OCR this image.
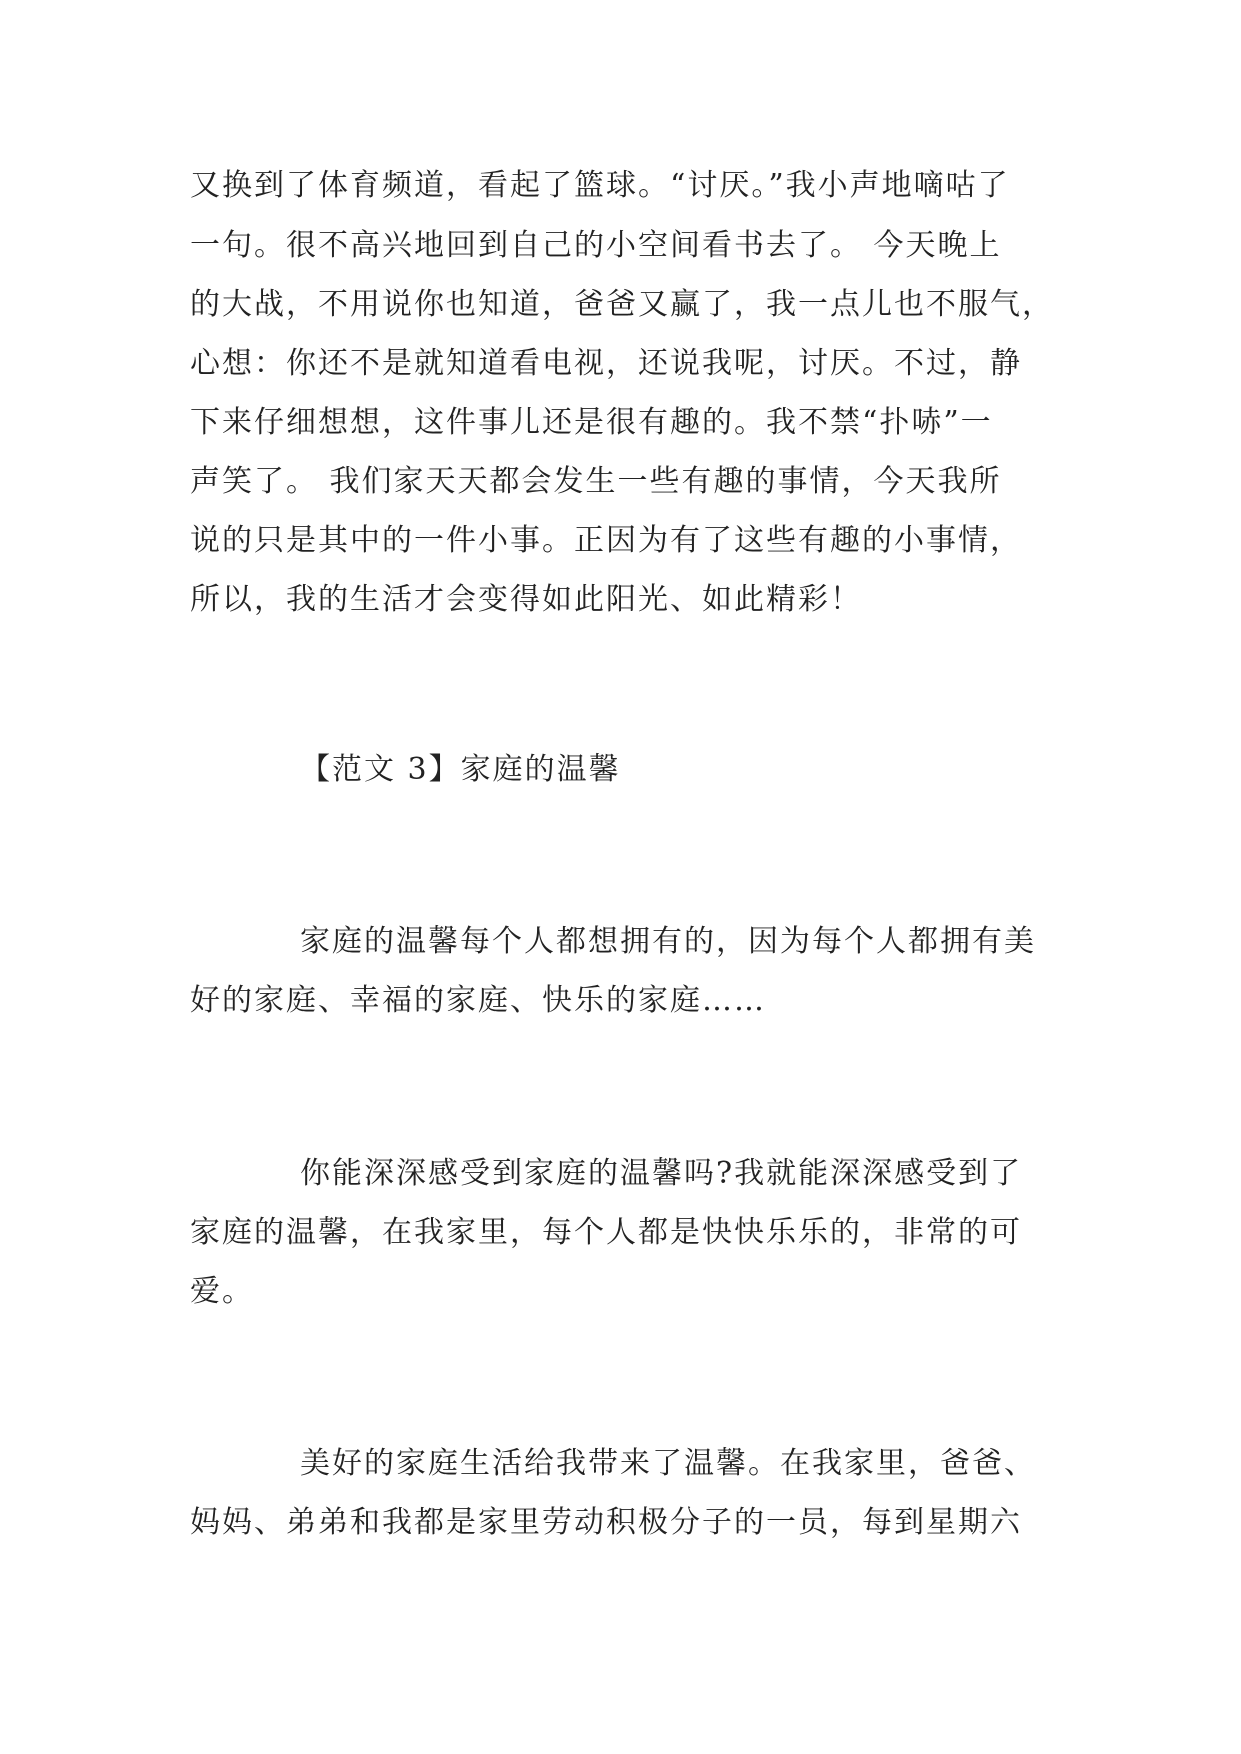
又换到了体育频道，看起了篮球。“讨厌。”我小声地嘀咕了
一句。很不高兴地回到自己的小空间看书去了。 今天晚上
的大战，不用说你也知道，爸爸又赢了，我一点儿也不服气，
心想：你还不是就知道看电视，还说我呢，讨厌。不过，静
下来仔细想想，这件事儿还是很有趣的。我不禁“扑哧”一
声笑了。 我们家天天都会发生一些有趣的事情，今天我所
说的只是其中的一件小事。正因为有了这些有趣的小事情，
所以，我的生活才会变得如此阳光、如此精彩！
【范文 3】家庭的温馨
家庭的温馨每个人都想拥有的，因为每个人都拥有美
好的家庭、幸福的家庭、快乐的家庭……
你能深深感受到家庭的温馨吗?我就能深深感受到了
家庭的温馨，在我家里，每个人都是快快乐乐的，非常的可
爱。
美好的家庭生活给我带来了温馨。在我家里，爸爸、
妈妈、弟弟和我都是家里劳动积极分子的一员，每到星期六
